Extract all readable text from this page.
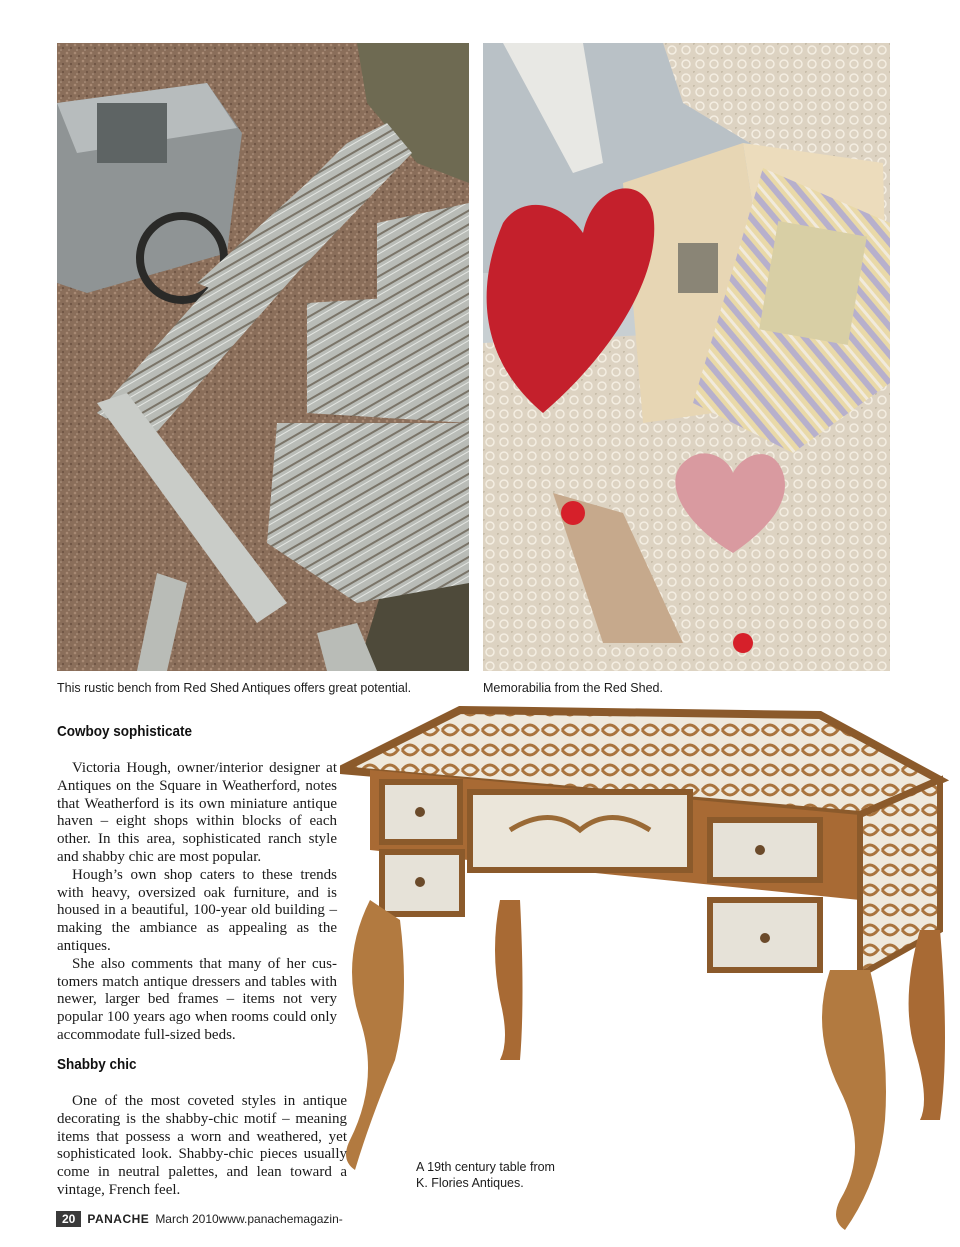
This rustic bench from Red Shed Antiques offers great potential.	Memorabilia from the Red Shed.
A 19th century table from
K. Flories Antiques.
Cowboy sophisticate

Victoria Hough, owner/interior designer at Antiques on the Square in Weatherford, notes that Weatherford is its own miniature antique haven – eight shops within blocks of each other. In this area, sophisticated ranch style and shabby chic are most popular.

Hough’s own shop caters to these trends with heavy, oversized oak furniture, and is housed in a beautiful, 100-year old building – making the ambiance as appealing as the antiques.

She also comments that many of her customers match antique dressers and tables with newer, larger bed frames – items not very popular 100 years ago when rooms could only accommodate full-sized beds.

Shabby chic

One of the most coveted styles in antique decorating is the shabby-chic motif – meaning items that possess a worn and weathered, yet sophisticated look. Shabby-chic pieces usually come in neutral palettes, and lean toward a vintage, French feel.

20	PANACHE March 2010www.panachemagazin-
